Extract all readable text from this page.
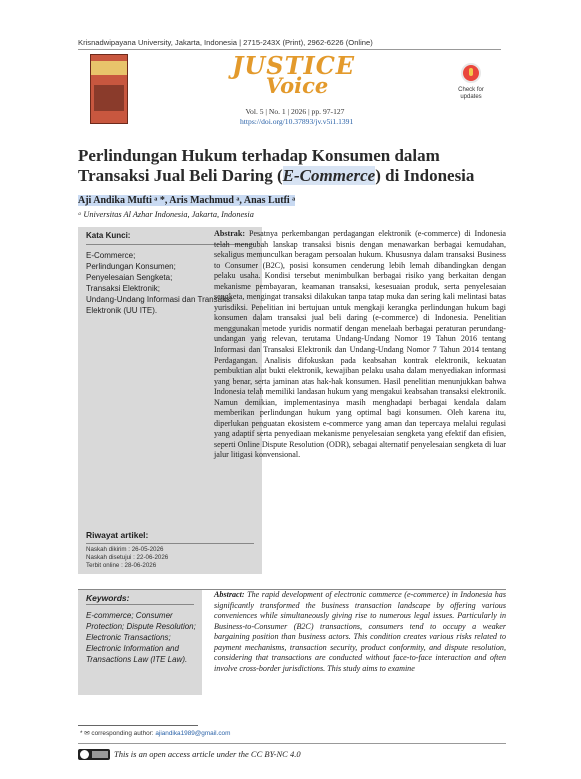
Krisnadwipayana University, Jakarta, Indonesia | 2715-243X (Print), 2962-6226 (Online)
JUSTICE
Voice	Check for
updates
Vol. 5 | No. 1 | 2026 | pp. 97-127
https://doi.org/10.37893/jv.v5i1.1391
Perlindungan Hukum terhadap Konsumen dalam Transaksi Jual Beli Daring (E-Commerce) di Indonesia
Aji Andika Mufti ᵃ *, Aris Machmud ᵃ, Anas Lutfi ᵃ
ᵃ Universitas Al Azhar Indonesia, Jakarta, Indonesia
Kata Kunci:
E-Commerce;
Perlindungan Konsumen;
Penyelesaian Sengketa;
Transaksi Elektronik;
Undang-Undang Informasi dan Transaksi Elektronik (UU ITE).
Riwayat artikel:
Naskah dikirim : 26-05-2026
Naskah disetujui : 22-06-2026
Terbit online : 28-06-2026
Abstrak: Pesatnya perkembangan perdagangan elektronik (e-commerce) di Indonesia telah mengubah lanskap transaksi bisnis dengan menawarkan berbagai kemudahan, sekaligus memunculkan beragam persoalan hukum. Khususnya dalam transaksi Business to Consumer (B2C), posisi konsumen cenderung lebih lemah dibandingkan dengan pelaku usaha. Kondisi tersebut menimbulkan berbagai risiko yang berkaitan dengan mekanisme pembayaran, keamanan transaksi, kesesuaian produk, serta penyelesaian sengketa, mengingat transaksi dilakukan tanpa tatap muka dan sering kali melintasi batas yurisdiksi. Penelitian ini bertujuan untuk mengkaji kerangka perlindungan hukum bagi konsumen dalam transaksi jual beli daring (e-commerce) di Indonesia. Penelitian menggunakan metode yuridis normatif dengan menelaah berbagai peraturan perundang-undangan yang relevan, terutama Undang-Undang Nomor 19 Tahun 2016 tentang Informasi dan Transaksi Elektronik dan Undang-Undang Nomor 7 Tahun 2014 tentang Perdagangan. Analisis difokuskan pada keabsahan kontrak elektronik, kekuatan pembuktian alat bukti elektronik, kewajiban pelaku usaha dalam menyediakan informasi yang benar, serta jaminan atas hak-hak konsumen. Hasil penelitian menunjukkan bahwa Indonesia telah memiliki landasan hukum yang mengakui keabsahan transaksi elektronik. Namun demikian, implementasinya masih menghadapi berbagai kendala dalam memberikan perlindungan hukum yang optimal bagi konsumen. Oleh karena itu, diperlukan penguatan ekosistem e-commerce yang aman dan tepercaya melalui regulasi yang adaptif serta penyediaan mekanisme penyelesaian sengketa yang efektif dan efisien, seperti Online Dispute Resolution (ODR), sebagai alternatif penyelesaian sengketa di luar jalur litigasi konvensional.
Keywords:
E-commerce; Consumer Protection; Dispute Resolution; Electronic Transactions; Electronic Information and Transactions Law (ITE Law).
Abstract: The rapid development of electronic commerce (e-commerce) in Indonesia has significantly transformed the business transaction landscape by offering various conveniences while simultaneously giving rise to numerous legal issues. Particularly in Business-to-Consumer (B2C) transactions, consumers tend to occupy a weaker bargaining position than business actors. This condition creates various risks related to payment mechanisms, transaction security, product conformity, and dispute resolution, considering that transactions are conducted without face-to-face interaction and often involve cross-border jurisdictions. This study aims to examine
* ✉ corresponding author: ajiandika1989@gmail.com
This is an open access article under the CC BY-NC 4.0
